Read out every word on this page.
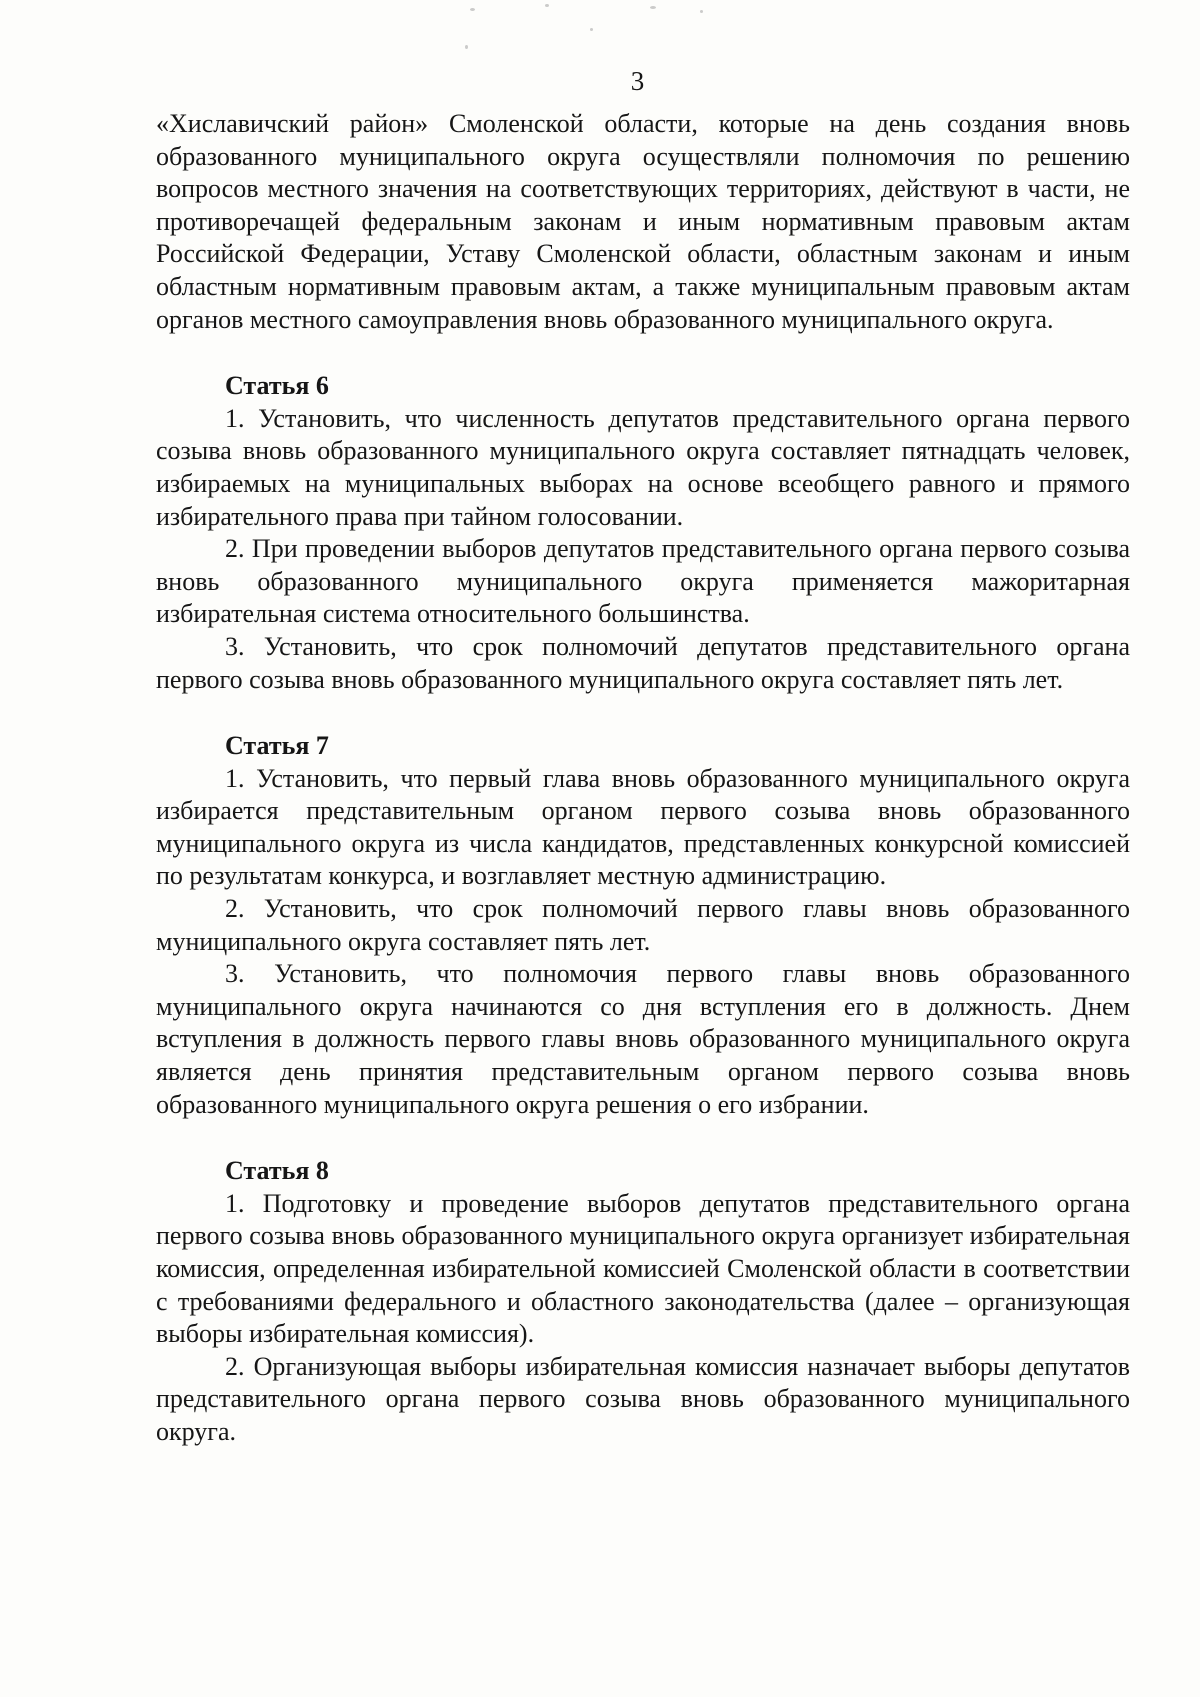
3

«Хиславичский район» Смоленской области, которые на день создания вновь образованного муниципального округа осуществляли полномочия по решению вопросов местного значения на соответствующих территориях, действуют в части, не противоречащей федеральным законам и иным нормативным правовым актам Российской Федерации, Уставу Смоленской области, областным законам и иным областным нормативным правовым актам, а также муниципальным правовым актам органов местного самоуправления вновь образованного муниципального округа.

Статья 6

1. Установить, что численность депутатов представительного органа первого созыва вновь образованного муниципального округа составляет пятнадцать человек, избираемых на муниципальных выборах на основе всеобщего равного и прямого избирательного права при тайном голосовании.

2. При проведении выборов депутатов представительного органа первого созыва вновь образованного муниципального округа применяется мажоритарная избирательная система относительного большинства.

3. Установить, что срок полномочий депутатов представительного органа первого созыва вновь образованного муниципального округа составляет пять лет.

Статья 7

1. Установить, что первый глава вновь образованного муниципального округа избирается представительным органом первого созыва вновь образованного муниципального округа из числа кандидатов, представленных конкурсной комиссией по результатам конкурса, и возглавляет местную администрацию.

2. Установить, что срок полномочий первого главы вновь образованного муниципального округа составляет пять лет.

3. Установить, что полномочия первого главы вновь образованного муниципального округа начинаются со дня вступления его в должность. Днем вступления в должность первого главы вновь образованного муниципального округа является день принятия представительным органом первого созыва вновь образованного муниципального округа решения о его избрании.

Статья 8

1. Подготовку и проведение выборов депутатов представительного органа первого созыва вновь образованного муниципального округа организует избирательная комиссия, определенная избирательной комиссией Смоленской области в соответствии с требованиями федерального и областного законодательства (далее – организующая выборы избирательная комиссия).

2. Организующая выборы избирательная комиссия назначает выборы депутатов представительного органа первого созыва вновь образованного муниципального округа.
